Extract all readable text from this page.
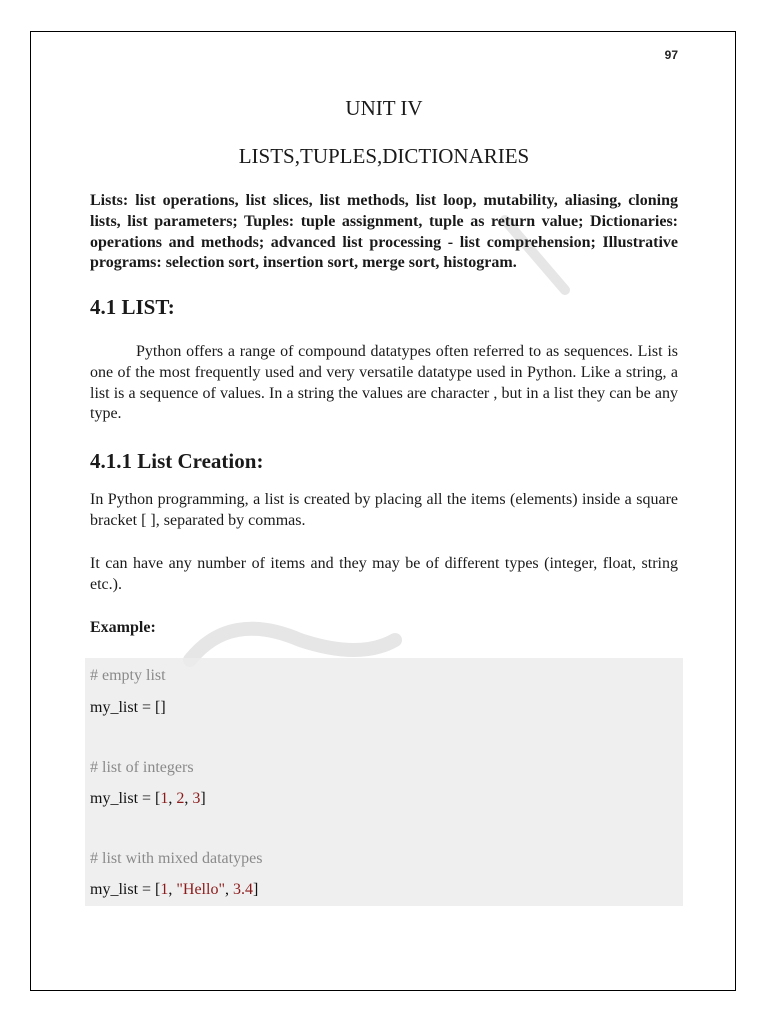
97
UNIT IV
LISTS,TUPLES,DICTIONARIES

Lists: list operations, list slices, list methods, list loop, mutability, aliasing, cloning lists, list parameters; Tuples: tuple assignment, tuple as return value; Dictionaries: operations and methods; advanced list processing - list comprehension; Illustrative programs: selection sort, insertion sort, merge sort, histogram.

4.1 LIST:

Python offers a range of compound datatypes often referred to as sequences. List is one of the most frequently used and very versatile datatype used in Python. Like a string, a list is a sequence of values. In a string the values are character , but in a list they can be any type.

4.1.1 List Creation:

In Python programming, a list is created by placing all the items (elements) inside a square bracket [ ], separated by commas.

It can have any number of items and they may be of different types (integer, float, string etc.).

Example:

# empty list
my_list = []
# list of integers
my_list = [1, 2, 3]
# list with mixed datatypes
my_list = [1, "Hello", 3.4]
